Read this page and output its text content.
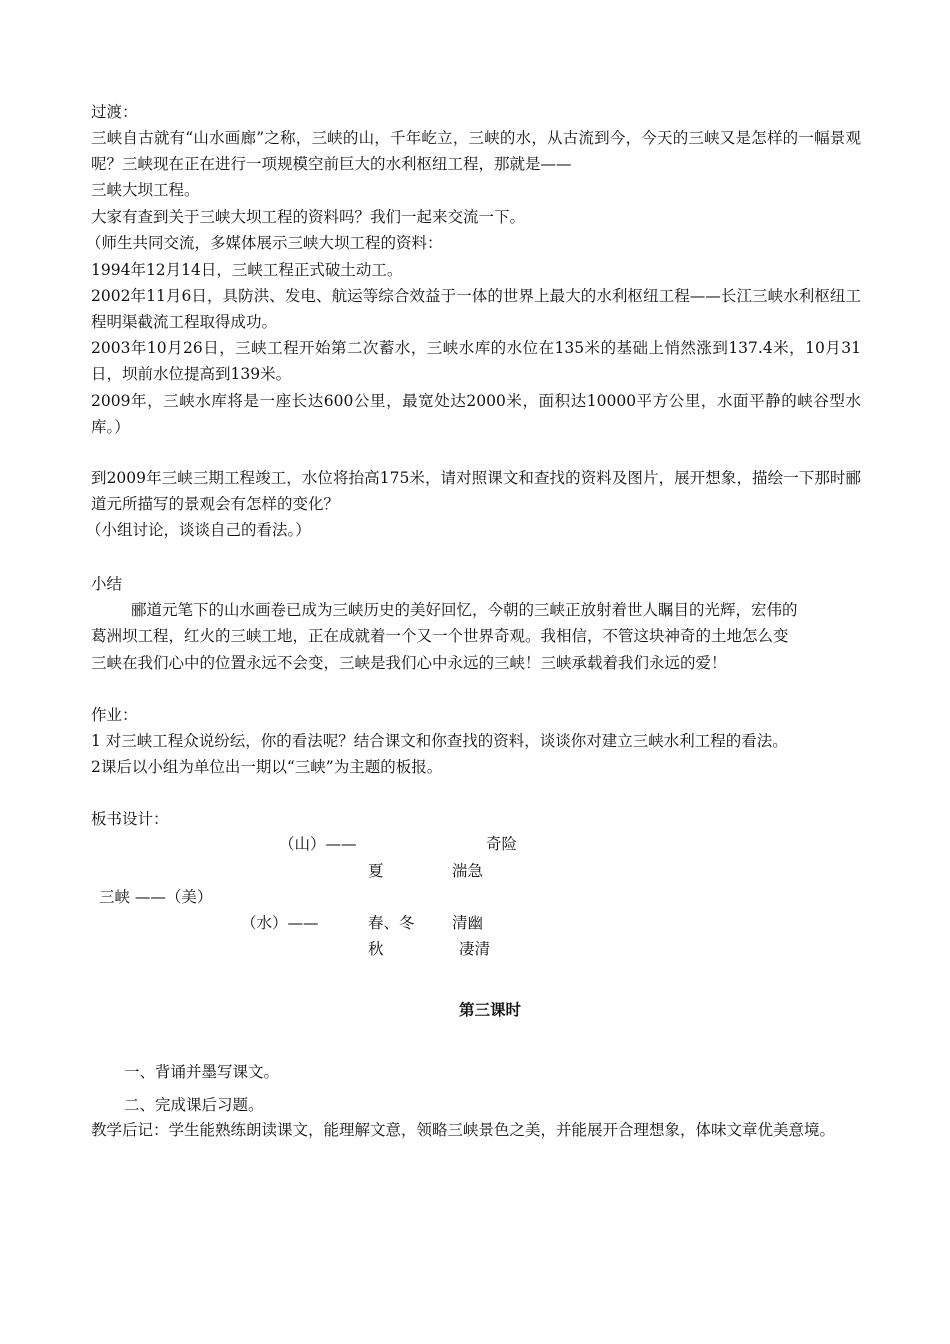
过渡：
三峡自古就有“山水画廊”之称，三峡的山，千年屹立，三峡的水，从古流到今，今天的三峡又是怎样的一幅景观呢？三峡现在正在进行一项规模空前巨大的水利枢纽工程，那就是——
三峡大坝工程。
大家有查到关于三峡大坝工程的资料吗？我们一起来交流一下。
（师生共同交流，多媒体展示三峡大坝工程的资料：
1994年12月14日，三峡工程正式破土动工。
2002年11月6日，具防洪、发电、航运等综合效益于一体的世界上最大的水利枢纽工程——长江三峡水利枢纽工程明渠截流工程取得成功。
2003年10月26日，三峡工程开始第二次蓄水，三峡水库的水位在135米的基础上悄然涨到137.4米，10月31日，坝前水位提高到139米。
2009年，三峡水库将是一座长达600公里，最宽处达2000米，面积达10000平方公里，水面平静的峡谷型水库。）
到2009年三峡三期工程竣工，水位将抬高175米，请对照课文和查找的资料及图片，展开想象，描绘一下那时郦道元所描写的景观会有怎样的变化？
（小组讨论，谈谈自己的看法。）
小结
郦道元笔下的山水画卷已成为三峡历史的美好回忆，今朝的三峡正放射着世人瞩目的光辉，宏伟的
葛洲坝工程，红火的三峡工地，正在成就着一个又一个世界奇观。我相信，不管这块神奇的土地怎么变
三峡在我们心中的位置永远不会变，三峡是我们心中永远的三峡！三峡承载着我们永远的爱！
作业：
1 对三峡工程众说纷纭，你的看法呢？结合课文和你查找的资料，谈谈你对建立三峡水利工程的看法。
2课后以小组为单位出一期以“三峡”为主题的板报。
板书设计：
（山）——	奇险
夏	湍急
三峡 ——（美）
（水）——	春、冬 清幽
秋	凄清
第三课时
一、背诵并墨写课文。
二、完成课后习题。
教学后记：学生能熟练朗读课文，能理解文意，领略三峡景色之美，并能展开合理想象，体味文章优美意境。
